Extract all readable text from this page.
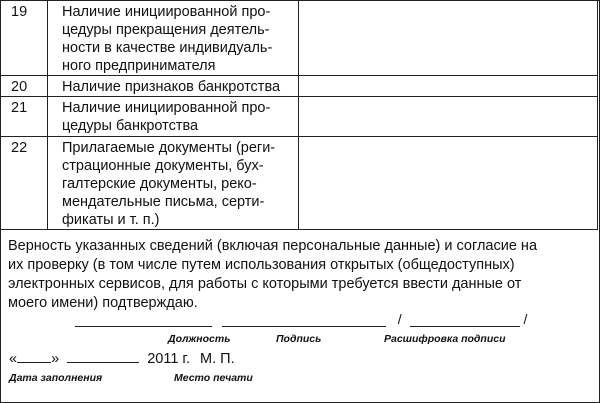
19	Наличие инициированной про-
цедуры прекращения деятель-
ности в качестве индивидуаль-
ного предпринимателя	

20	Наличие признаков банкротства	

21	Наличие инициированной про-
цедуры банкротства	

22	Прилагаемые документы (реги-
страционные документы, бух-
галтерские документы, реко-
мендательные письма, серти-
фикаты и т. п.)	

Верность указанных сведений (включая персональные данные) и согласие на
их проверку (в том числе путем использования открытых (общедоступных)
электронных сервисов, для работы с которыми требуется ввести данные от
моего имени) подтверждаю.
/	/
Должность	Подпись	Расшифровка подписи
« »	2011 г. М. П.
Дата заполнения	Место печати
